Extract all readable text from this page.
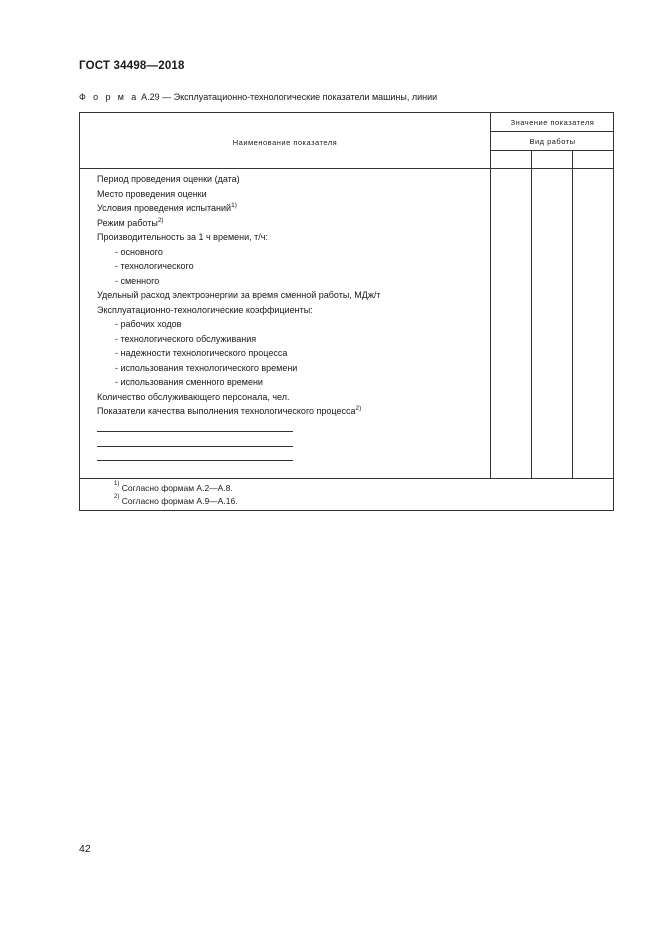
ГОСТ 34498—2018
Ф о р м а А.29 — Эксплуатационно-технологические показатели машины, линии
Наименование показателя
Значение показателя
Вид работы
Период проведения оценки (дата)
Место проведения оценки
Условия проведения испытаний$^{1)}$
Режим работы$^{2)}$
Производительность за 1 ч времени, т/ч:
- основного
- технологического
- сменного
Удельный расход электроэнергии за время сменной работы, МДж/т
Эксплуатационно-технологические коэффициенты:
- рабочих ходов
- технологического обслуживания
- надежности технологического процесса
- использования технологического времени
- использования сменного времени
Количество обслуживающего персонала, чел.
Показатели качества выполнения технологического процесса$^{2)}$
$^{1)}$ Согласно формам А.2—А.8.
$^{2)}$ Согласно формам А.9—А.16.
42
